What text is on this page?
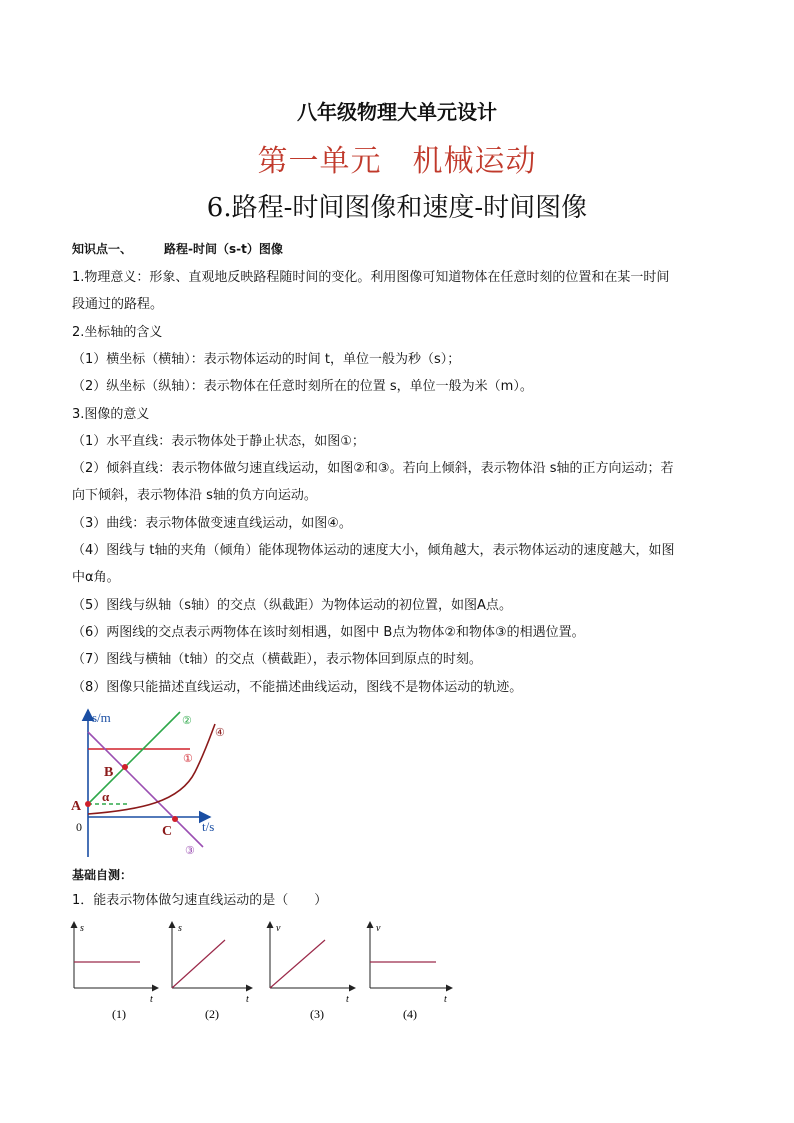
八年级物理大单元设计
第一单元　机械运动
6.路程-时间图像和速度-时间图像
知识点一、	路程-时间（s-t）图像
1.物理意义：形象、直观地反映路程随时间的变化。利用图像可知道物体在任意时刻的位置和在某一时间
段通过的路程。
2.坐标轴的含义
（1）横坐标（横轴）：表示物体运动的时间 t，单位一般为秒（s）；
（2）纵坐标（纵轴）：表示物体在任意时刻所在的位置 s，单位一般为米（m）。
3.图像的意义
（1）水平直线：表示物体处于静止状态，如图①；
（2）倾斜直线：表示物体做匀速直线运动，如图②和③。若向上倾斜，表示物体沿 s轴的正方向运动；若
向下倾斜，表示物体沿 s轴的负方向运动。
（3）曲线：表示物体做变速直线运动，如图④。
（4）图线与 t轴的夹角（倾角）能体现物体运动的速度大小，倾角越大，表示物体运动的速度越大，如图
中α角。
（5）图线与纵轴（s轴）的交点（纵截距）为物体运动的初位置，如图A点。
（6）两图线的交点表示两物体在该时刻相遇，如图中 B点为物体②和物体③的相遇位置。
（7）图线与横轴（t轴）的交点（横截距），表示物体回到原点的时刻。
（8）图像只能描述直线运动，不能描述曲线运动，图线不是物体运动的轨迹。
s/m
t/s
0
A
B
C
α
①
②
③
④
基础自测：
1．能表示物体做匀速直线运动的是（　　）
s
t
(1)
s
t
(2)
v
t
(3)
v
t
(4)
